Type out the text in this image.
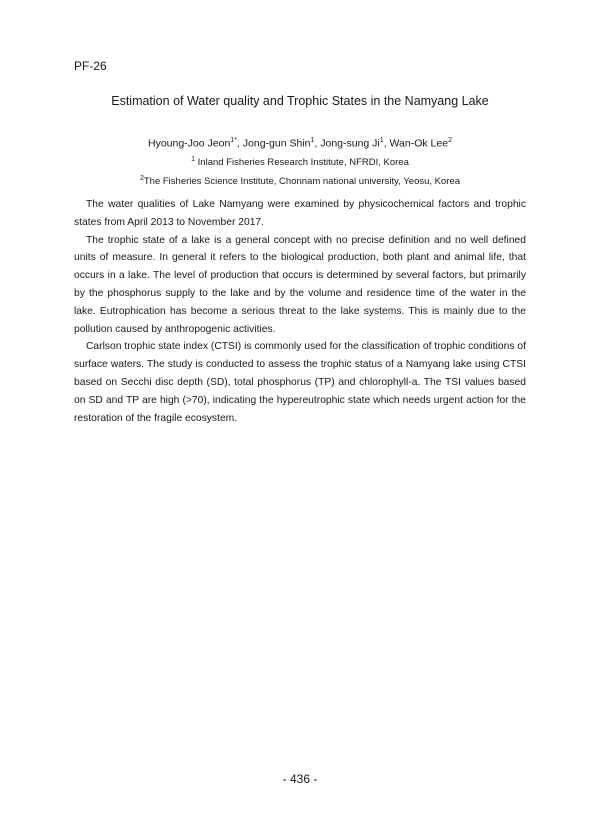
PF-26
Estimation of Water quality and Trophic States in the Namyang Lake
Hyoung-Joo Jeon$^{1*}$, Jong-gun Shin$^1$, Jong-sung Ji$^1$, Wan-Ok Lee$^2$
$^1$ Inland Fisheries Research Institute, NFRDI, Korea
$^2$The Fisheries Science Institute, Chonnam national university, Yeosu, Korea

The water qualities of Lake Namyang were examined by physicochemical factors and trophic states from April 2013 to November 2017.

The trophic state of a lake is a general concept with no precise definition and no well defined units of measure. In general it refers to the biological production, both plant and animal life, that occurs in a lake. The level of production that occurs is determined by several factors, but primarily by the phosphorus supply to the lake and by the volume and residence time of the water in the lake. Eutrophication has become a serious threat to the lake systems. This is mainly due to the pollution caused by anthropogenic activities.

Carlson trophic state index (CTSI) is commonly used for the classification of trophic conditions of surface waters. The study is conducted to assess the trophic status of a Namyang lake using CTSI based on Secchi disc depth (SD), total phosphorus (TP) and chlorophyll-a. The TSI values based on SD and TP are high (>70), indicating the hypereutrophic state which needs urgent action for the restoration of the fragile ecosystem.

- 436 -
